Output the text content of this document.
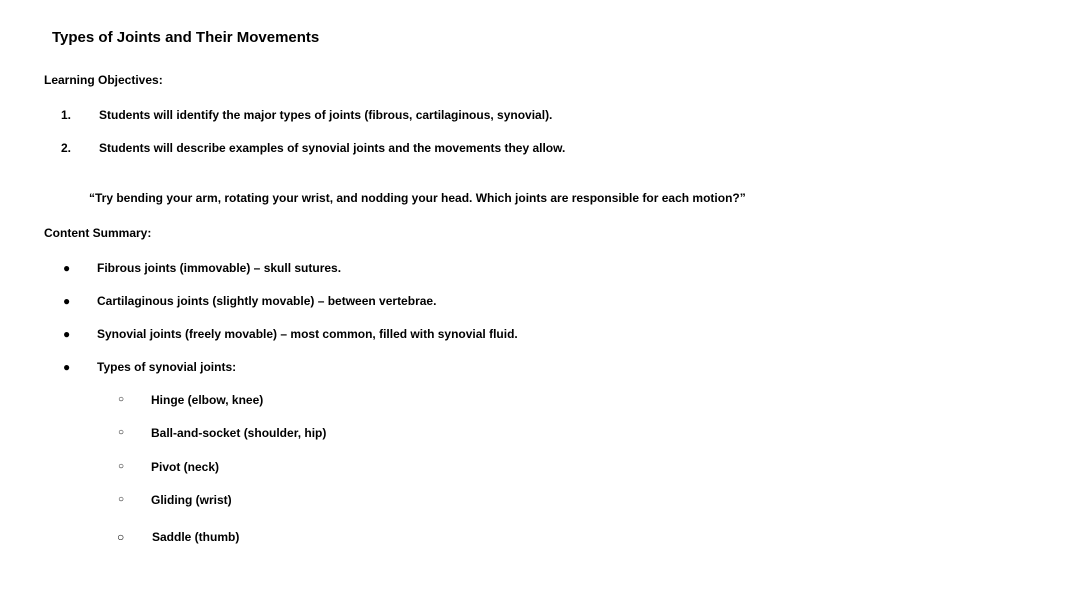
Types of Joints and Their Movements
Learning Objectives:
1. Students will identify the major types of joints (fibrous, cartilaginous, synovial).
2. Students will describe examples of synovial joints and the movements they allow.
“Try bending your arm, rotating your wrist, and nodding your head. Which joints are responsible for each motion?”
Content Summary:
● Fibrous joints (immovable) – skull sutures.
● Cartilaginous joints (slightly movable) – between vertebrae.
● Synovial joints (freely movable) – most common, filled with synovial fluid.
● Types of synovial joints:
○ Hinge (elbow, knee)
○ Ball-and-socket (shoulder, hip)
○ Pivot (neck)
○ Gliding (wrist)
○ Saddle (thumb)
